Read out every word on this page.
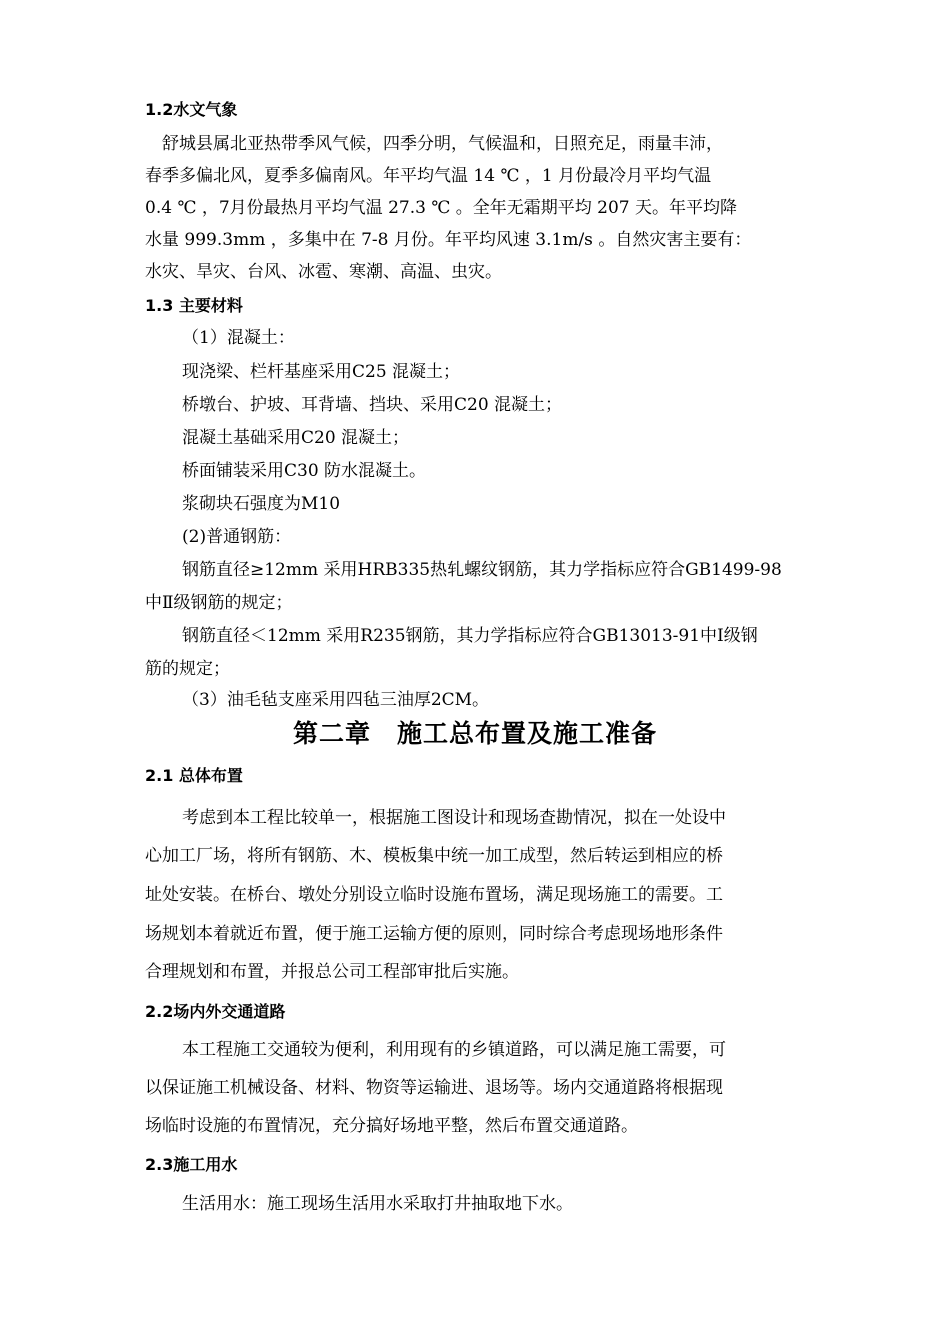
1.2水文气象
　舒城县属北亚热带季风气候，四季分明，气候温和，日照充足，雨量丰沛，
春季多偏北风，夏季多偏南风。年平均气温 14 ℃ ，1 月份最冷月平均气温
0.4 ℃ ，7月份最热月平均气温 27.3 ℃ 。全年无霜期平均 207 天。年平均降
水量 999.3mm ，多集中在 7-8 月份。年平均风速 3.1m/s 。自然灾害主要有：
水灾、旱灾、台风、冰雹、寒潮、高温、虫灾。
1.3 主要材料
（1）混凝土：
现浇梁、栏杆基座采用C25 混凝土；
桥墩台、护坡、耳背墙、挡块、采用C20 混凝土；
混凝土基础采用C20 混凝土；
桥面铺装采用C30 防水混凝土。
浆砌块石强度为M10
(2)普通钢筋：
钢筋直径≥12mm 采用HRB335热轧螺纹钢筋，其力学指标应符合GB1499-98
中Ⅱ级钢筋的规定；
钢筋直径＜12mm 采用R235钢筋，其力学指标应符合GB13013-91中Ⅰ级钢
筋的规定；
（3）油毛毡支座采用四毡三油厚2CM。
第二章　施工总布置及施工准备
2.1 总体布置
考虑到本工程比较单一，根据施工图设计和现场查勘情况，拟在一处设中
心加工厂场，将所有钢筋、木、模板集中统一加工成型，然后转运到相应的桥
址处安装。在桥台、墩处分别设立临时设施布置场，满足现场施工的需要。工
场规划本着就近布置，便于施工运输方便的原则，同时综合考虑现场地形条件
合理规划和布置，并报总公司工程部审批后实施。
2.2场内外交通道路
本工程施工交通较为便利，利用现有的乡镇道路，可以满足施工需要，可
以保证施工机械设备、材料、物资等运输进、退场等。场内交通道路将根据现
场临时设施的布置情况，充分搞好场地平整，然后布置交通道路。
2.3施工用水
生活用水：施工现场生活用水采取打井抽取地下水。
